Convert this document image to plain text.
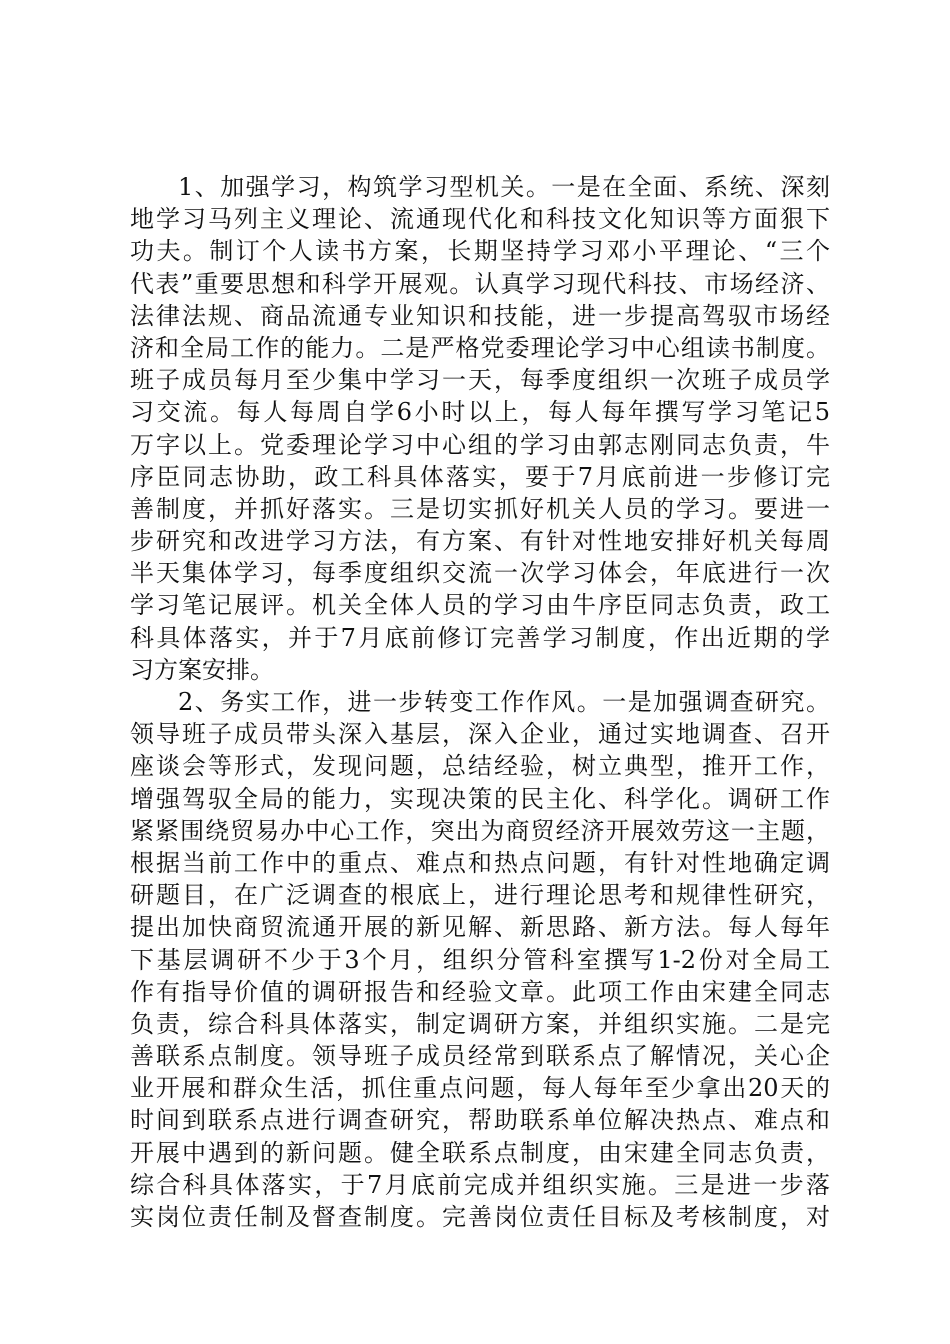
1、加强学习，构筑学习型机关。一是在全面、系统、深刻
地学习马列主义理论、流通现代化和科技文化知识等方面狠下
功夫。制订个人读书方案，长期坚持学习邓小平理论、“三个
代表”重要思想和科学开展观。认真学习现代科技、市场经济、
法律法规、商品流通专业知识和技能，进一步提高驾驭市场经
济和全局工作的能力。二是严格党委理论学习中心组读书制度。
班子成员每月至少集中学习一天，每季度组织一次班子成员学
习交流。每人每周自学6小时以上，每人每年撰写学习笔记5
万字以上。党委理论学习中心组的学习由郭志刚同志负责，牛
序臣同志协助，政工科具体落实，要于7月底前进一步修订完
善制度，并抓好落实。三是切实抓好机关人员的学习。要进一
步研究和改进学习方法，有方案、有针对性地安排好机关每周
半天集体学习，每季度组织交流一次学习体会，年底进行一次
学习笔记展评。机关全体人员的学习由牛序臣同志负责，政工
科具体落实，并于7月底前修订完善学习制度，作出近期的学
习方案安排。
2、务实工作，进一步转变工作作风。一是加强调查研究。
领导班子成员带头深入基层，深入企业，通过实地调查、召开
座谈会等形式，发现问题，总结经验，树立典型，推开工作，
增强驾驭全局的能力，实现决策的民主化、科学化。调研工作
紧紧围绕贸易办中心工作，突出为商贸经济开展效劳这一主题，
根据当前工作中的重点、难点和热点问题，有针对性地确定调
研题目，在广泛调查的根底上，进行理论思考和规律性研究，
提出加快商贸流通开展的新见解、新思路、新方法。每人每年
下基层调研不少于3个月，组织分管科室撰写1-2份对全局工
作有指导价值的调研报告和经验文章。此项工作由宋建全同志
负责，综合科具体落实，制定调研方案，并组织实施。二是完
善联系点制度。领导班子成员经常到联系点了解情况，关心企
业开展和群众生活，抓住重点问题，每人每年至少拿出20天的
时间到联系点进行调查研究，帮助联系单位解决热点、难点和
开展中遇到的新问题。健全联系点制度，由宋建全同志负责，
综合科具体落实，于7月底前完成并组织实施。三是进一步落
实岗位责任制及督查制度。完善岗位责任目标及考核制度，对
